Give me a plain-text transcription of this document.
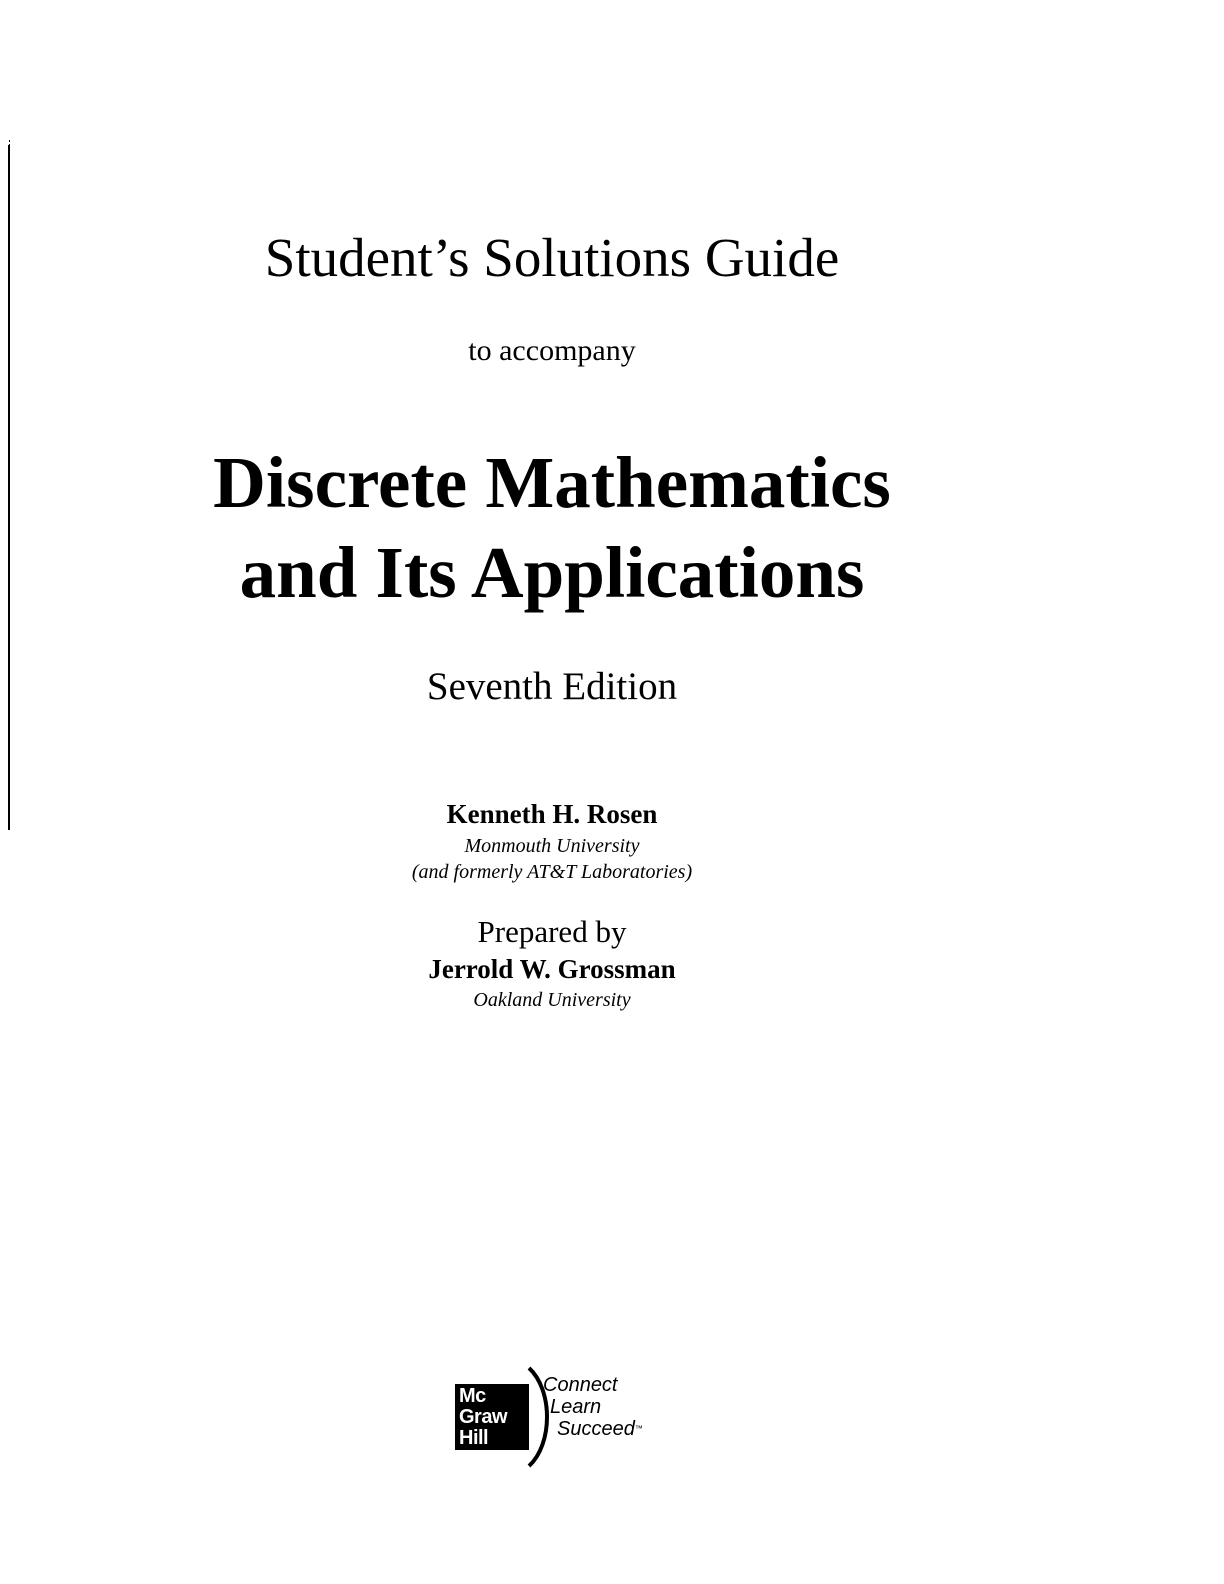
Student’s Solutions Guide
to accompany
Discrete Mathematics
and Its Applications
Seventh Edition
Kenneth H. Rosen
Monmouth University
(and formerly AT&T Laboratories)
Prepared by
Jerrold W. Grossman
Oakland University
Mc
Graw
Hill
Connect
Learn
Succeed™
